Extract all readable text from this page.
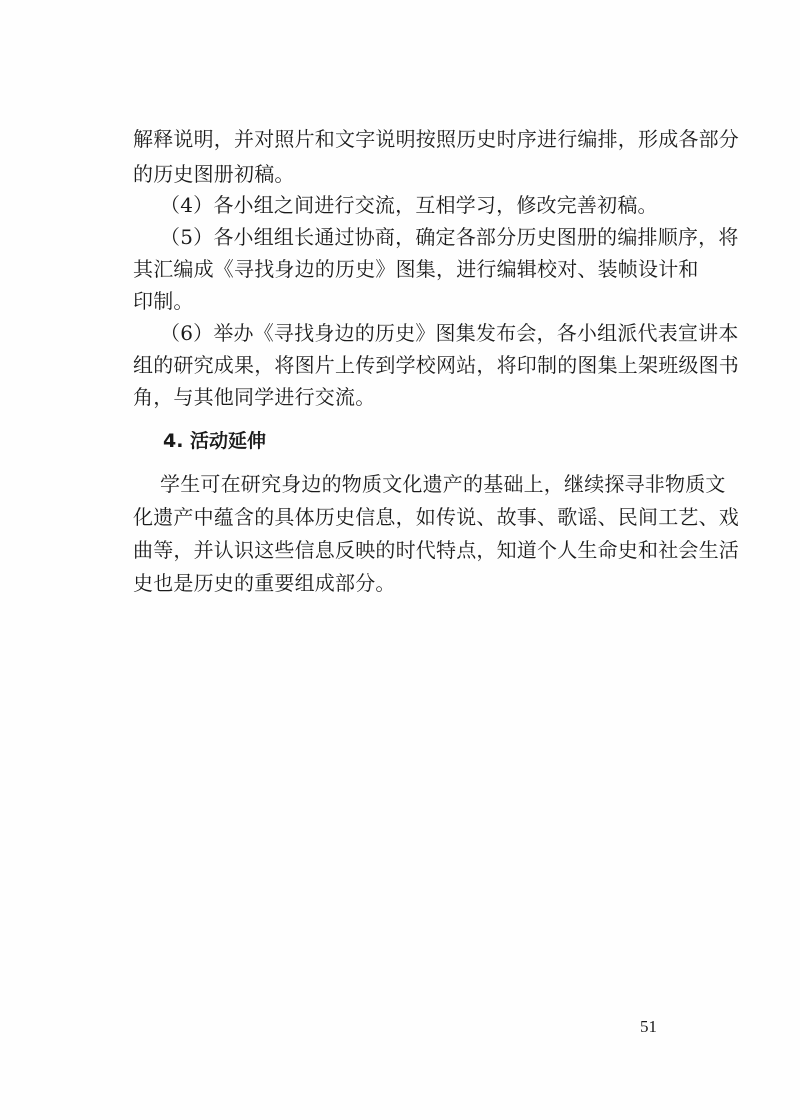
解释说明，并对照片和文字说明按照历史时序进行编排，形成各部分
的历史图册初稿。
（4）各小组之间进行交流，互相学习，修改完善初稿。
（5）各小组组长通过协商，确定各部分历史图册的编排顺序，将
其汇编成《寻找身边的历史》图集，进行编辑校对、装帧设计和
印制。
（6）举办《寻找身边的历史》图集发布会，各小组派代表宣讲本
组的研究成果，将图片上传到学校网站，将印制的图集上架班级图书
角，与其他同学进行交流。
4. 活动延伸
学生可在研究身边的物质文化遗产的基础上，继续探寻非物质文
化遗产中蕴含的具体历史信息，如传说、故事、歌谣、民间工艺、戏
曲等，并认识这些信息反映的时代特点，知道个人生命史和社会生活
史也是历史的重要组成部分。
51
